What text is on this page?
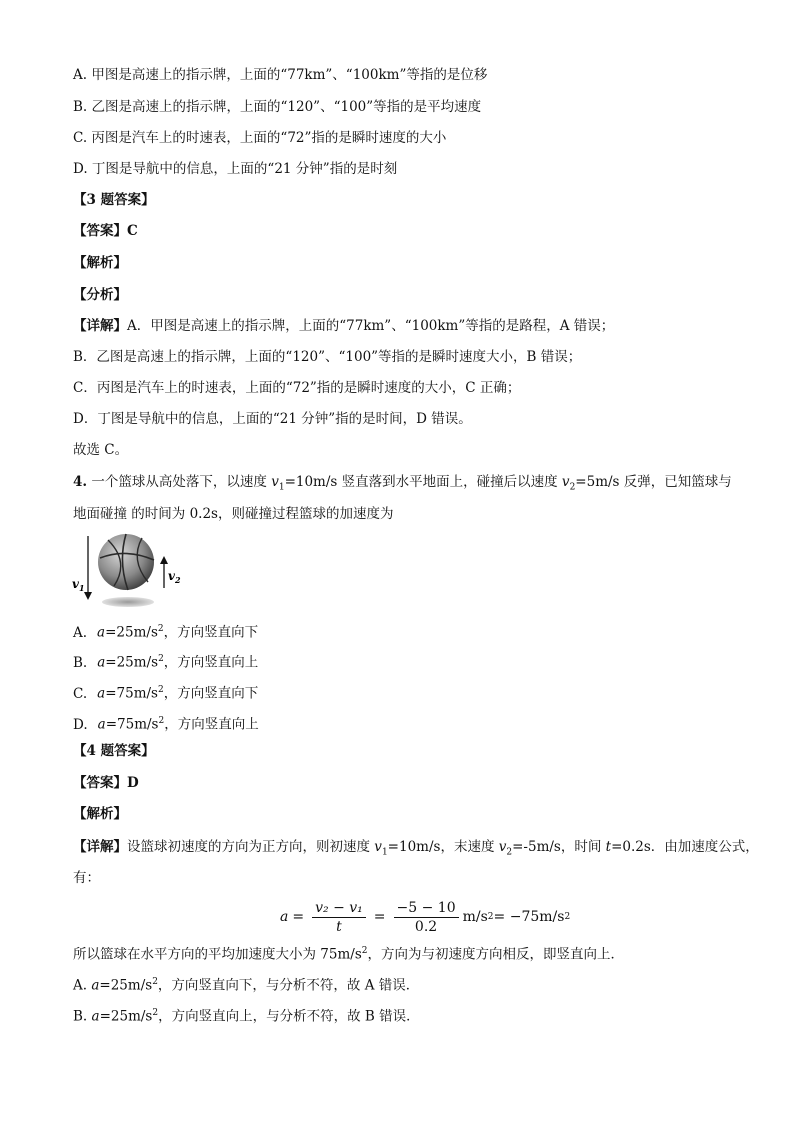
A. 甲图是高速上的指示牌，上面的“77km”、“100km”等指的是位移
B. 乙图是高速上的指示牌，上面的“120”、“100”等指的是平均速度
C. 丙图是汽车上的时速表，上面的“72”指的是瞬时速度的大小
D. 丁图是导航中的信息，上面的“21 分钟”指的是时刻
【3 题答案】
【答案】C
【解析】
【分析】
【详解】A．甲图是高速上的指示牌，上面的“77km”、“100km”等指的是路程，A 错误；
B．乙图是高速上的指示牌，上面的“120”、“100”等指的是瞬时速度大小，B 错误；
C．丙图是汽车上的时速表，上面的“72”指的是瞬时速度的大小，C 正确；
D．丁图是导航中的信息，上面的“21 分钟”指的是时间，D 错误。
故选 C。
4. 一个篮球从高处落下，以速度 $v_1=10m/s$ 竖直落到水平地面上，碰撞后以速度 $v_2=5m/s$ 反弹，已知篮球与
地面碰撞 的时间为 0.2s，则碰撞过程篮球的加速度为
$v_1$
$v_2$
A. $a=25m/s^2$，方向竖直向下
B. $a=25m/s^2$，方向竖直向上
C. $a=75m/s^2$，方向竖直向下
D. $a=75m/s^2$，方向竖直向上
【4 题答案】
【答案】D
【解析】
【详解】设篮球初速度的方向为正方向，则初速度 $v_1=10m/s$，末速度 $v_2=-5m/s$，时间 t=0.2s．由加速度公式，
有：
$a = \frac{\text{v₂ − v₁}}{t} = \frac{-5 - 10}{0.2} m/s$ 2 = −75m/s 2
所以篮球在水平方向的平均加速度大小为 $75m/s^2$，方向为与初速度方向相反，即竖直向上．
A. $a=25m/s^2$，方向竖直向下，与分析不符，故 A 错误．
B. $a=25m/s^2$，方向竖直向上，与分析不符，故 B 错误．
